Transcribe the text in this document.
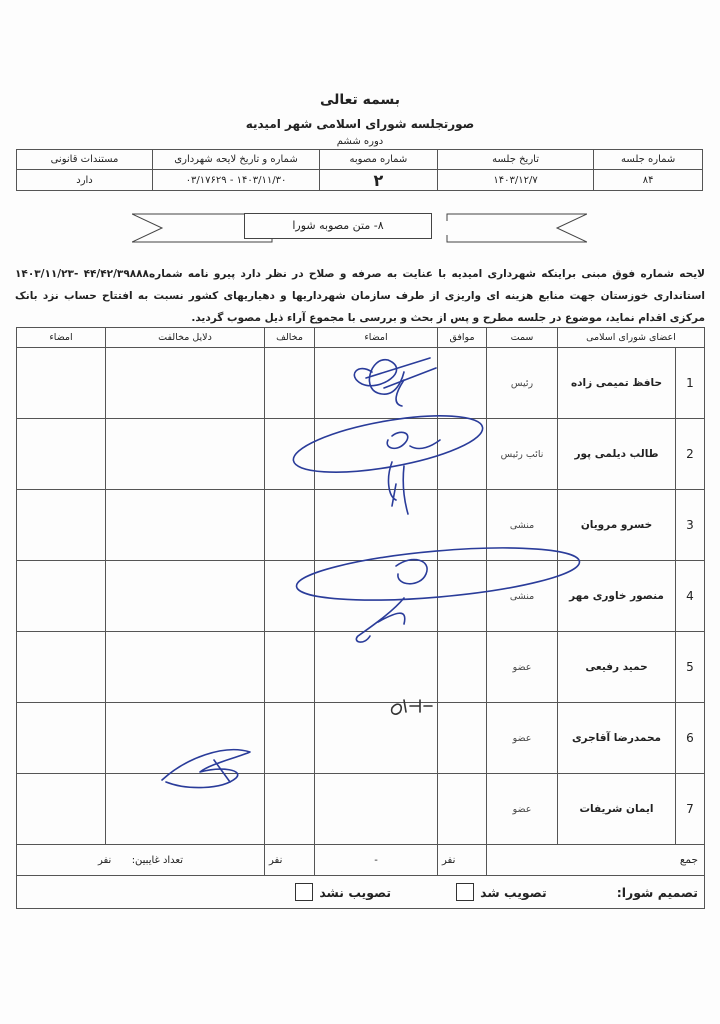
بسمه تعالی
صورتجلسه شورای اسلامی شهر امیدیه
دوره ششم
شماره جلسه	تاریخ جلسه	شماره مصوبه	شماره و تاریخ لایحه شهرداری	مستندات قانونی
۸۴	۱۴۰۳/۱۲/۷	۲	۱۴۰۳/۱۱/۳۰ - ۰۳/۱۷۶۲۹	دارد
۸- متن مصوبه شورا
لایحه شماره فوق مبنی براینکه شهرداری امیدیه با عنایت به صرفه و صلاح در نظر دارد پیرو نامه شماره۴۴/۴۲/۳۹۸۸۸ -۱۴۰۳/۱۱/۲۳ استانداری خوزستان جهت منابع هزینه ای واریزی از طرف سازمان شهرداریها و دهیاریهای کشور نسبت به افتتاح حساب نزد بانک مرکزی اقدام نماید، موضوع در جلسه مطرح و پس از بحث و بررسی با مجموع آراء ذیل مصوب گردید.
اعضای شورای اسلامی		سمت	موافق	امضاء	مخالف	دلایل مخالفت	امضاء
1	حافظ تمیمی زاده	رئیس					
2	طالب دیلمی پور	نائب رئیس					
3	خسرو مرویان	منشی					
4	منصور خاوری مهر	منشی					
5	حمید رفیعی	عضو					
6	محمدرضا آقاجری	عضو					
7	ایمان شریفات	عضو					
جمع			نفر	-	نفر	تعداد غایبین:  نفر	

تصمیم شورا:
تصویب شد
تصویب نشد							
